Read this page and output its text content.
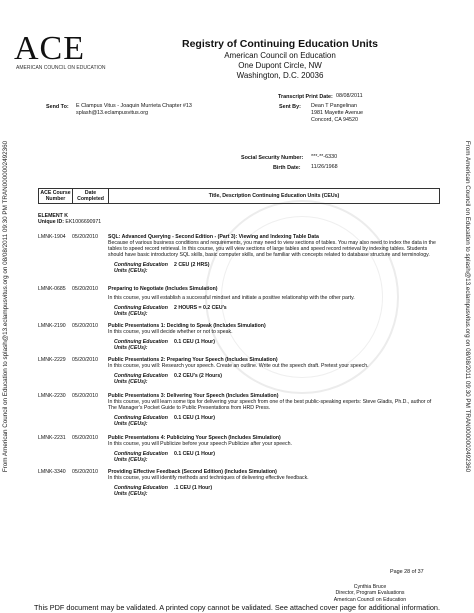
From American Council on Education to splash@13.eclampusvitus.org on 08/08/2011 09:30 PM TRAN0000002492360	From American Council on Education to splash@13.eclampusvitus.org on 08/08/2011 09:30 PM TRAN0000002492360
ACE
AMERICAN COUNCIL ON EDUCATION
Registry of Continuing Education Units
American Council on Education
One Dupont Circle, NW
Washington, D.C. 20036
Transcript Print Date: 08/08/2011
Send To: E Clampus Vitus - Joaquin Murrieta Chapter #13
splash@13.eclampusvitus.org
Sent By: Dean T Pangelinan
1981 Mayette Avenue
Concord, CA 94520
Social Security Number: ***-**-6330
Birth Date: 11/26/1968
ACE Course Number	Date Completed	Title, Description Continuing Education Units (CEUs)
ELEMENT K
Unique ID: EK1006690971
LMNK-1904	05/20/2010	SQL: Advanced Querying - Second Edition - (Part 3): Viewing and Indexing Table Data
Because of various business conditions and requirements, you may need to view sections of tables. You may also need to index the data in the tables to speed record retrieval. In this course, you will view sections of large tables and speed record retrieval by indexing tables. Students should have basic introductory SQL skills, basic computer skills, and be familiar with concepts related to database structure and terminology.
Continuing Education Units (CEUs):
2 CEU (2 HRS)
LMNK-0685	05/20/2010	Preparing to Negotiate (Includes Simulation)
In this course, you will establish a successful mindset and initiate a positive relationship with the other party.
Continuing Education Units (CEUs):
2 HOURS = 0.2 CEU's
LMNK-2190	05/20/2010	Public Presentations 1: Deciding to Speak (Includes Simulation)
In this course, you will decide whether or not to speak.
Continuing Education Units (CEUs):
0.1 CEU (1 Hour)
LMNK-2229	05/20/2010	Public Presentations 2: Preparing Your Speech (Includes Simulation)
In this course, you will: Research your speech. Create an outline. Write out the speech draft. Pretest your speech.
Continuing Education Units (CEUs):
0.2 CEU's (2 Hours)
LMNK-2230	05/20/2010	Public Presentations 3: Delivering Your Speech (Includes Simulation)
In this course, you will learn some tips for delivering your speech from one of the best public-speaking experts: Steve Gladis, Ph.D., author of The Manager's Pocket Guide to Public Presentations from HRD Press.
Continuing Education Units (CEUs):
0.1 CEU (1 Hour)
LMNK-2231	05/20/2010	Public Presentations 4: Publicizing Your Speech (Includes Simulation)
In this course, you will Publicize before your speech Publicize after your speech.
Continuing Education Units (CEUs):
0.1 CEU (1 Hour)
LMNK-3340	05/20/2010	Providing Effective Feedback (Second Edition) (Includes Simulation)
In this course, you will identify methods and techniques of delivering effective feedback.
Continuing Education Units (CEUs):
.1 CEU (1 Hour)
Page 28 of 37
Cynthia Bruce
Director, Program Evaluations
American Council on Education
This PDF document may be validated. A printed copy cannot be validated. See attached cover page for additional information.
